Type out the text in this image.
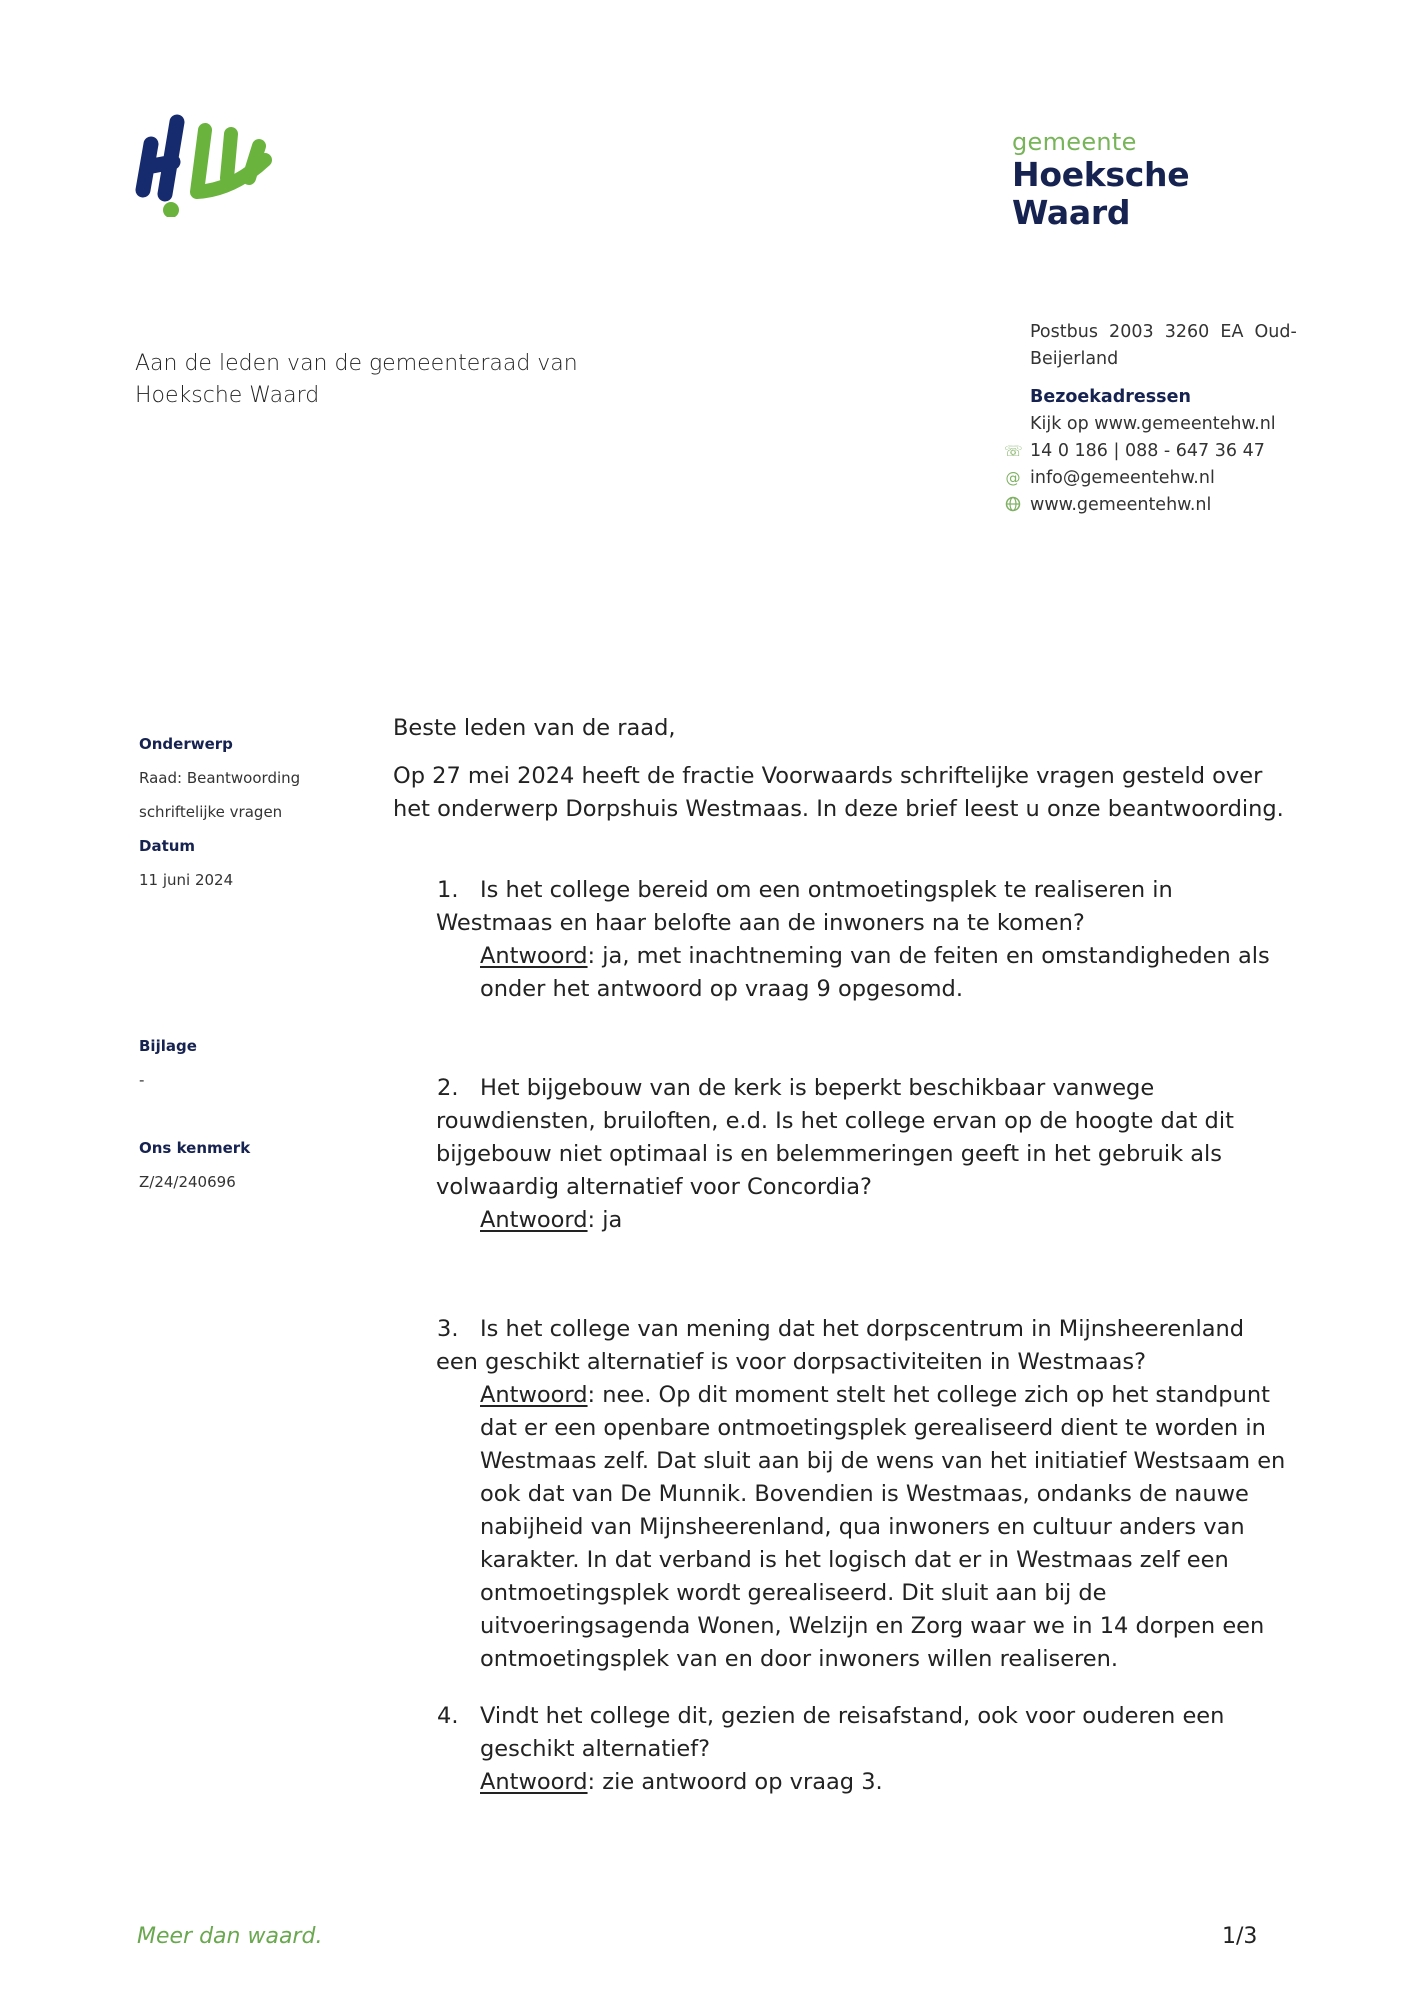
gemeente
Hoeksche Waard
Aan de leden van de gemeenteraad van
Hoeksche Waard
Postbus  2003  3260  EA  Oud-
Beijerland
Bezoekadressen
Kijk op www.gemeentehw.nl
☏ 14 0 186 | 088 - 647 36 47
@ info@gemeentehw.nl
www.gemeentehw.nl
Onderwerp
Raad: Beantwoording
schriftelijke vragen
Datum
11 juni 2024
Bijlage
-
Ons kenmerk
Z/24/240696

Beste leden van de raad,

Op 27 mei 2024 heeft de fractie Voorwaards schriftelijke vragen gesteld over het onderwerp Dorpshuis Westmaas. In deze brief leest u onze beantwoording.

1. Is het college bereid om een ontmoetingsplek te realiseren in Westmaas en haar belofte aan de inwoners na te komen?
Antwoord: ja, met inachtneming van de feiten en omstandigheden als onder het antwoord op vraag 9 opgesomd.
2. Het bijgebouw van de kerk is beperkt beschikbaar vanwege rouwdiensten, bruiloften, e.d. Is het college ervan op de hoogte dat dit bijgebouw niet optimaal is en belemmeringen geeft in het gebruik als volwaardig alternatief voor Concordia?
Antwoord: ja
3. Is het college van mening dat het dorpscentrum in Mijnsheerenland een geschikt alternatief is voor dorpsactiviteiten in Westmaas?
Antwoord: nee. Op dit moment stelt het college zich op het standpunt dat er een openbare ontmoetingsplek gerealiseerd dient te worden in Westmaas zelf. Dat sluit aan bij de wens van het initiatief Westsaam en ook dat van De Munnik. Bovendien is Westmaas, ondanks de nauwe nabijheid van Mijnsheerenland, qua inwoners en cultuur anders van karakter. In dat verband is het logisch dat er in Westmaas zelf een ontmoetingsplek wordt gerealiseerd. Dit sluit aan bij de uitvoeringsagenda Wonen, Welzijn en Zorg waar we in 14 dorpen een ontmoetingsplek van en door inwoners willen realiseren.
4. Vindt het college dit, gezien de reisafstand, ook voor ouderen een geschikt alternatief?
Antwoord: zie antwoord op vraag 3.
Meer dan waard.	1/3
